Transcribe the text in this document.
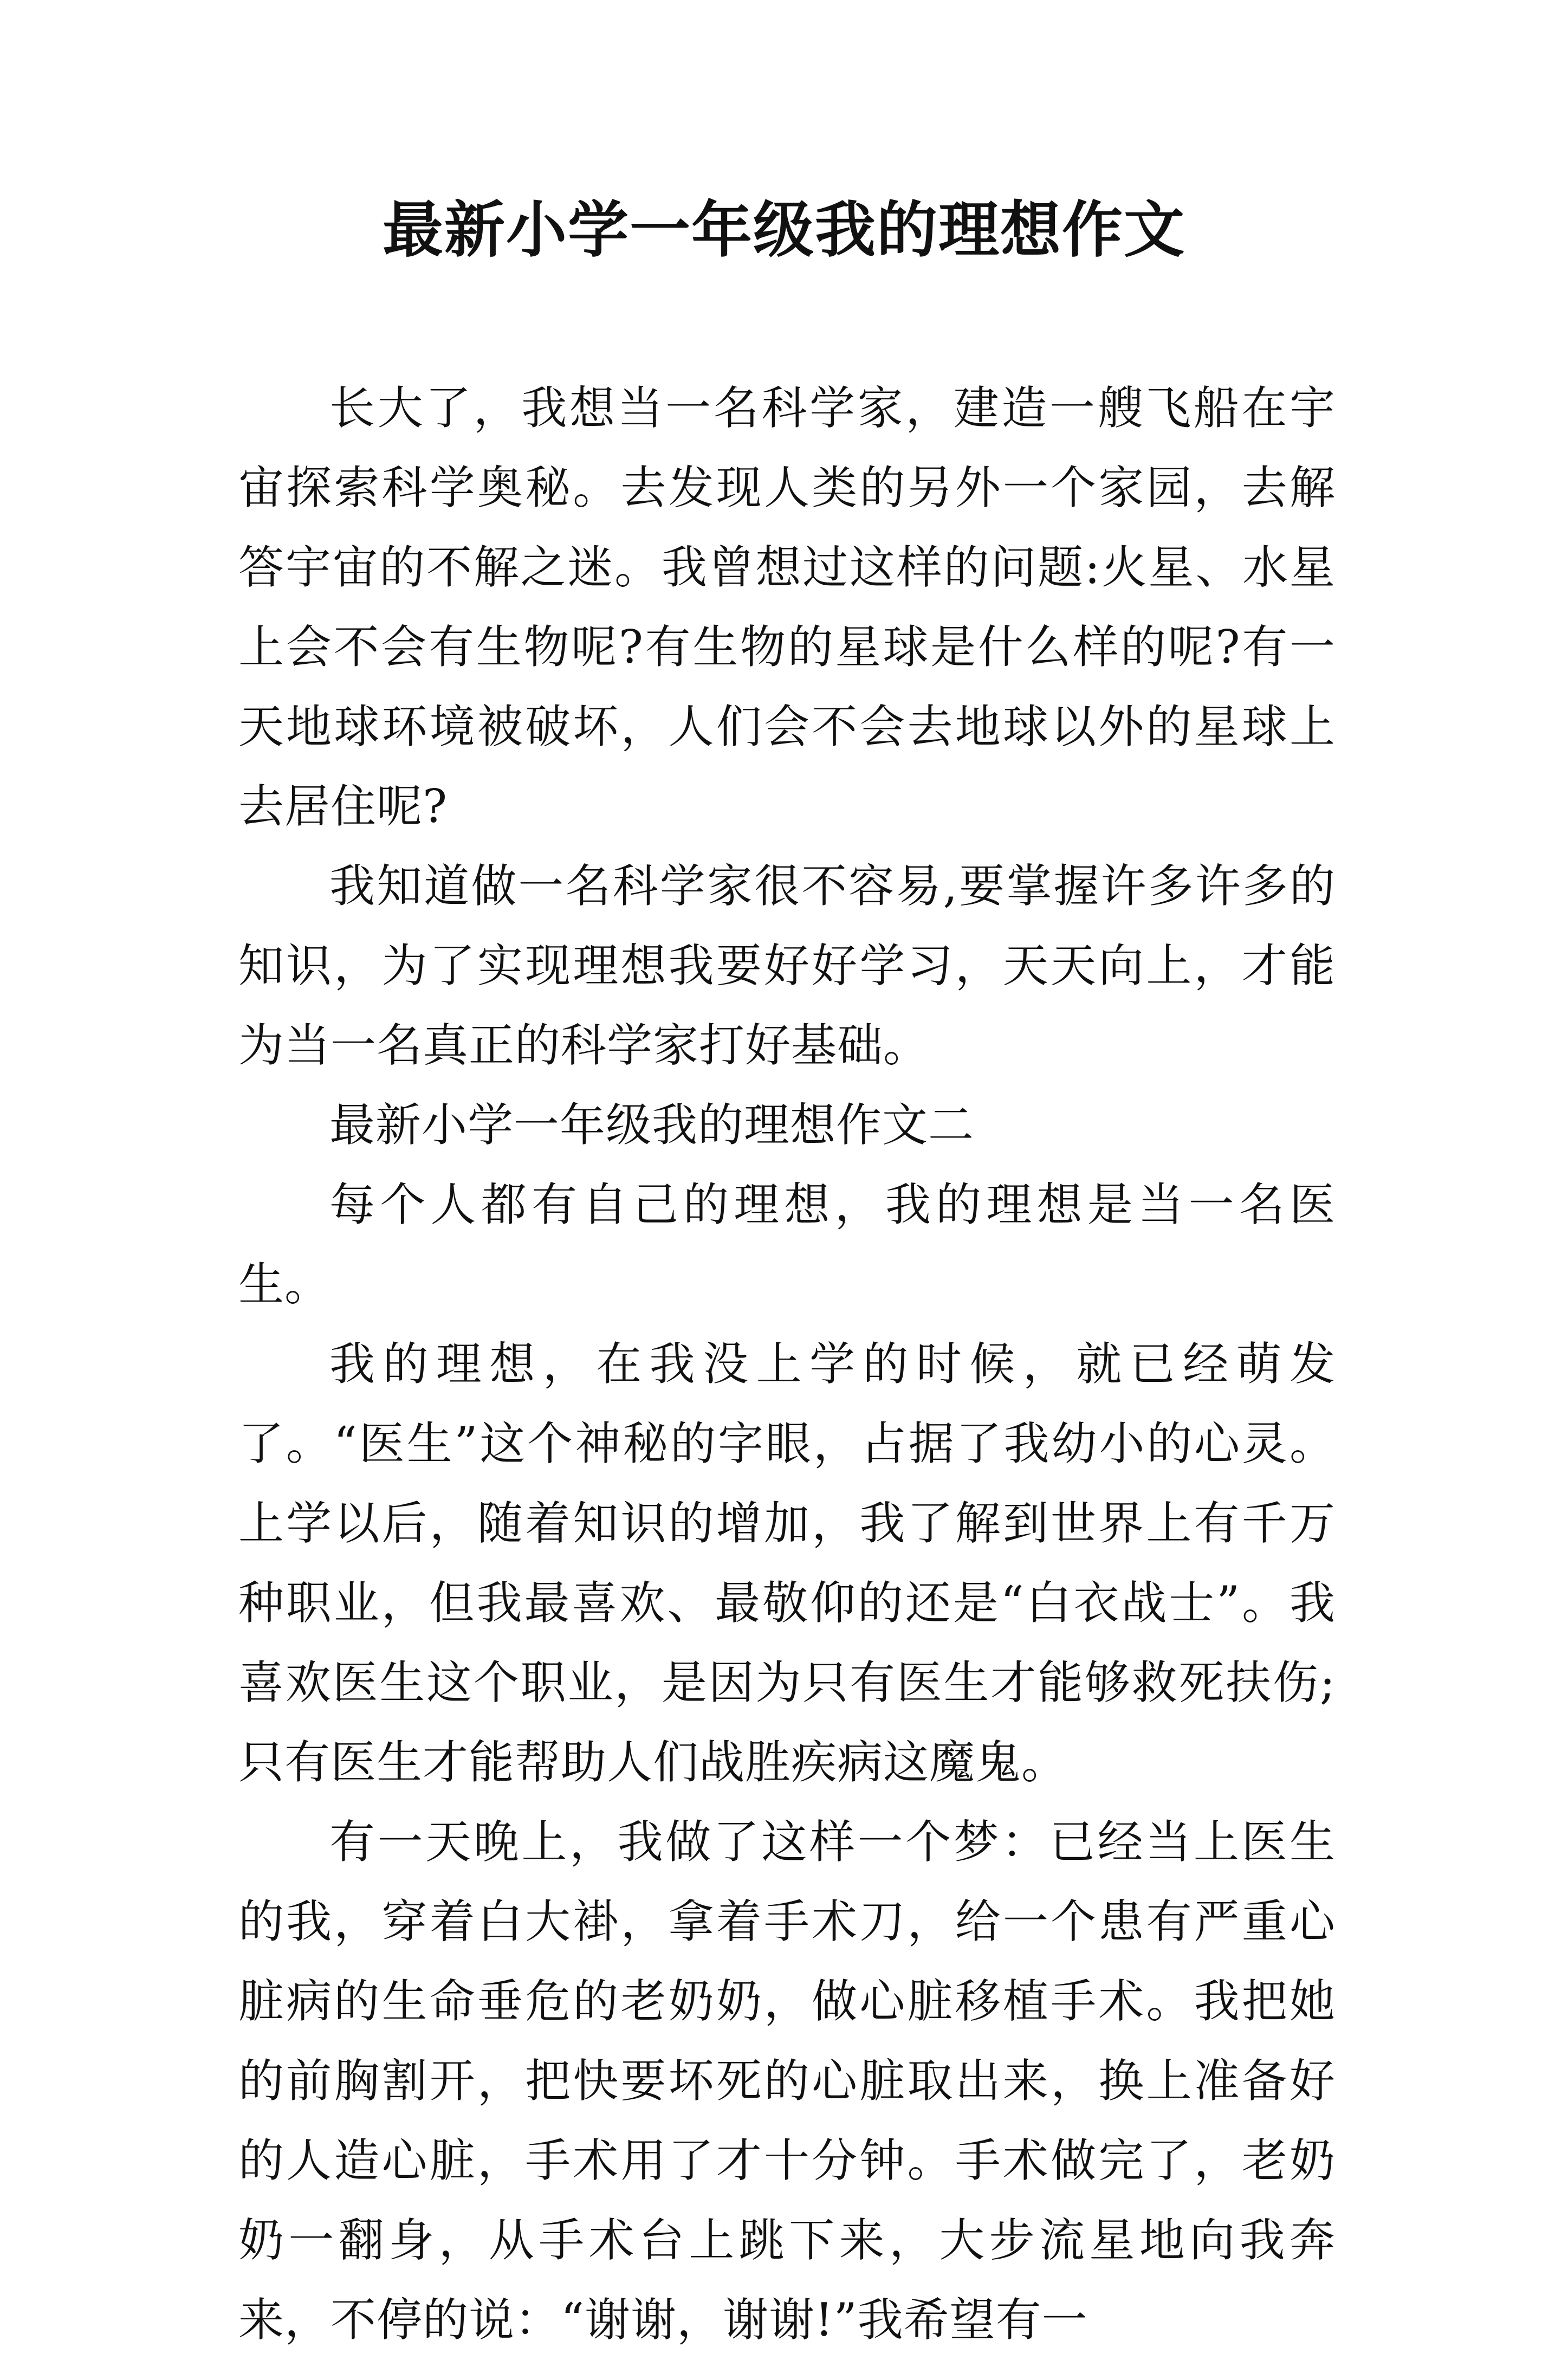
最新小学一年级我的理想作文

长大了，我想当一名科学家，建造一艘飞船在宇宙探索科学奥秘。去发现人类的另外一个家园，去解答宇宙的不解之迷。我曾想过这样的问题:火星、水星上会不会有生物呢?有生物的星球是什么样的呢?有一天地球环境被破坏，人们会不会去地球以外的星球上去居住呢?

我知道做一名科学家很不容易,要掌握许多许多的知识，为了实现理想我要好好学习，天天向上，才能为当一名真正的科学家打好基础。

最新小学一年级我的理想作文二

每个人都有自己的理想，我的理想是当一名医生。

我的理想，在我没上学的时候，就已经萌发了。“医生”这个神秘的字眼，占据了我幼小的心灵。上学以后，随着知识的增加，我了解到世界上有千万种职业，但我最喜欢、最敬仰的还是“白衣战士”。我喜欢医生这个职业，是因为只有医生才能够救死扶伤;只有医生才能帮助人们战胜疾病这魔鬼。

有一天晚上，我做了这样一个梦：已经当上医生的我，穿着白大褂，拿着手术刀，给一个患有严重心脏病的生命垂危的老奶奶，做心脏移植手术。我把她的前胸割开，把快要坏死的心脏取出来，换上准备好的人造心脏，手术用了才十分钟。手术做完了，老奶奶一翻身，从手术台上跳下来，大步流星地向我奔来，不停的说：“谢谢，谢谢!”我希望有一
